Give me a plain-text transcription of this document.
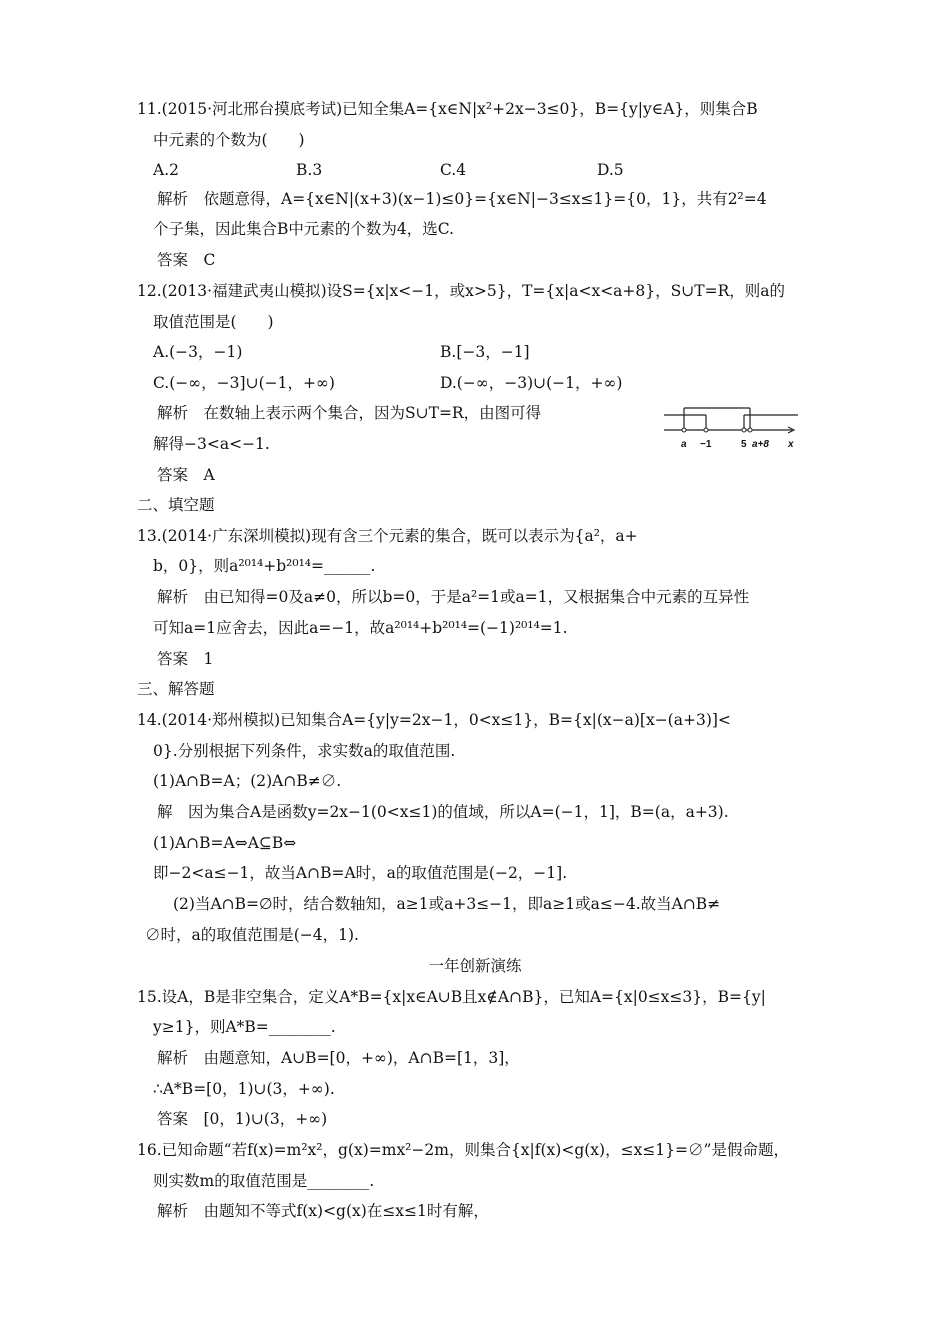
11.(2015·河北邢台摸底考试)已知全集A={x∈N|x²+2x−3≤0}，B={y|y∈A}，则集合B
中元素的个数为(　　)
A.2	B.3	C.4	D.5
解析　依题意得，A={x∈N|(x+3)(x−1)≤0}={x∈N|−3≤x≤1}={0，1}，共有2²=4
个子集，因此集合B中元素的个数为4，选C.
答案　C
12.(2013·福建武夷山模拟)设S={x|x<−1，或x>5}，T={x|a<x<a+8}，S∪T=R，则a的
取值范围是(　　)
A.(−3，−1)	B.[−3，−1]
C.(−∞，−3]∪(−1，+∞)	D.(−∞，−3)∪(−1，+∞)
解析　在数轴上表示两个集合，因为S∪T=R，由图可得
解得−3<a<−1.
答案　A
a −1	5 a+8 x
二、填空题
13.(2014·广东深圳模拟)现有含三个元素的集合，既可以表示为{a²，a+
b，0}，则a²⁰¹⁴+b²⁰¹⁴=______.
解析　由已知得=0及a≠0，所以b=0，于是a²=1或a=1，又根据集合中元素的互异性
可知a=1应舍去，因此a=−1，故a²⁰¹⁴+b²⁰¹⁴=(−1)²⁰¹⁴=1.
答案　1
三、解答题
14.(2014·郑州模拟)已知集合A={y|y=2x−1，0<x≤1}，B={x|(x−a)[x−(a+3)]<
0}.分别根据下列条件，求实数a的取值范围.
(1)A∩B=A；(2)A∩B≠∅.
解　因为集合A是函数y=2x−1(0<x≤1)的值域，所以A=(−1，1]，B=(a，a+3).
(1)A∩B=A⇔A⊆B⇔
即−2<a≤−1，故当A∩B=A时，a的取值范围是(−2，−1].
(2)当A∩B=∅时，结合数轴知，a≥1或a+3≤−1，即a≥1或a≤−4.故当A∩B≠
∅时，a的取值范围是(−4，1).
一年创新演练
15.设A，B是非空集合，定义A*B={x|x∈A∪B且x∉A∩B}，已知A={x|0≤x≤3}，B={y|
y≥1}，则A*B=________.
解析　由题意知，A∪B=[0，+∞)，A∩B=[1，3]，
∴A*B=[0，1)∪(3，+∞).
答案　[0，1)∪(3，+∞)
16.已知命题“若f(x)=m²x²，g(x)=mx²−2m，则集合{x|f(x)<g(x)，≤x≤1}=∅”是假命题，
则实数m的取值范围是________.
解析　由题知不等式f(x)<g(x)在≤x≤1时有解，
